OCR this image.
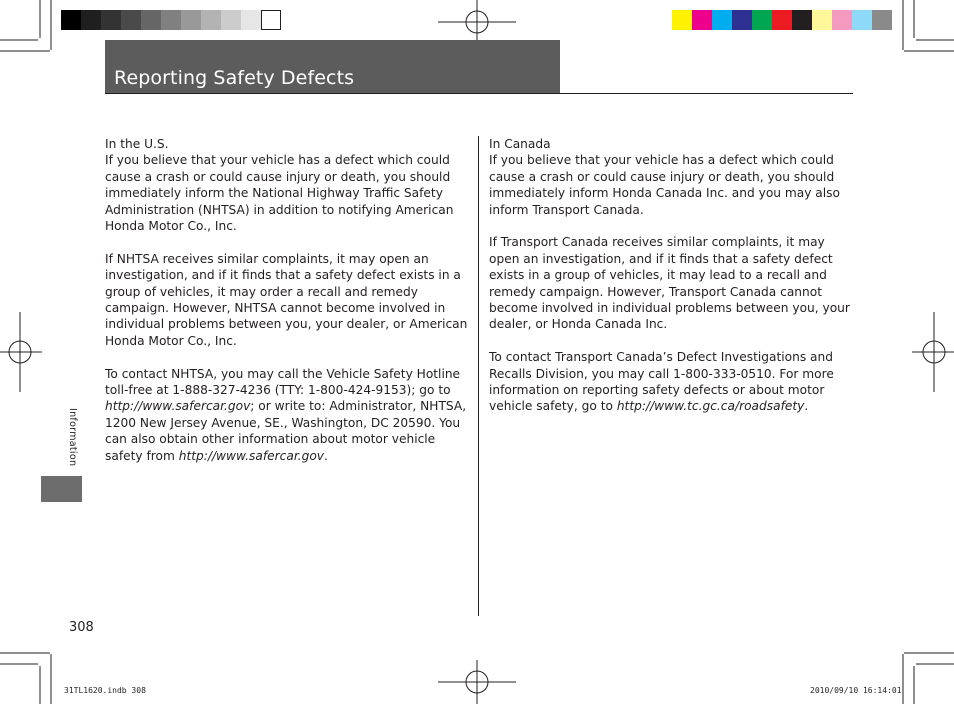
Reporting Safety Defects

In the U.S.
If you believe that your vehicle has a defect which could cause a crash or could cause injury or death, you should immediately inform the National Highway Traffic Safety Administration (NHTSA) in addition to notifying American Honda Motor Co., Inc.

If NHTSA receives similar complaints, it may open an investigation, and if it finds that a safety defect exists in a group of vehicles, it may order a recall and remedy campaign. However, NHTSA cannot become involved in individual problems between you, your dealer, or American Honda Motor Co., Inc.

To contact NHTSA, you may call the Vehicle Safety Hotline toll-free at 1-888-327-4236 (TTY: 1-800-424-9153); go to http://www.safercar.gov; or write to: Administrator, NHTSA, 1200 New Jersey Avenue, SE., Washington, DC 20590. You can also obtain other information about motor vehicle safety from http://www.safercar.gov.

In Canada
If you believe that your vehicle has a defect which could cause a crash or could cause injury or death, you should immediately inform Honda Canada Inc. and you may also inform Transport Canada.

If Transport Canada receives similar complaints, it may open an investigation, and if it finds that a safety defect exists in a group of vehicles, it may lead to a recall and remedy campaign. However, Transport Canada cannot become involved in individual problems between you, your dealer, or Honda Canada Inc.

To contact Transport Canada’s Defect Investigations and Recalls Division, you may call 1-800-333-0510. For more information on reporting safety defects or about motor vehicle safety, go to http://www.tc.gc.ca/roadsafety.

Information
308
31TL1620.indb 308	2010/09/10 16:14:01
